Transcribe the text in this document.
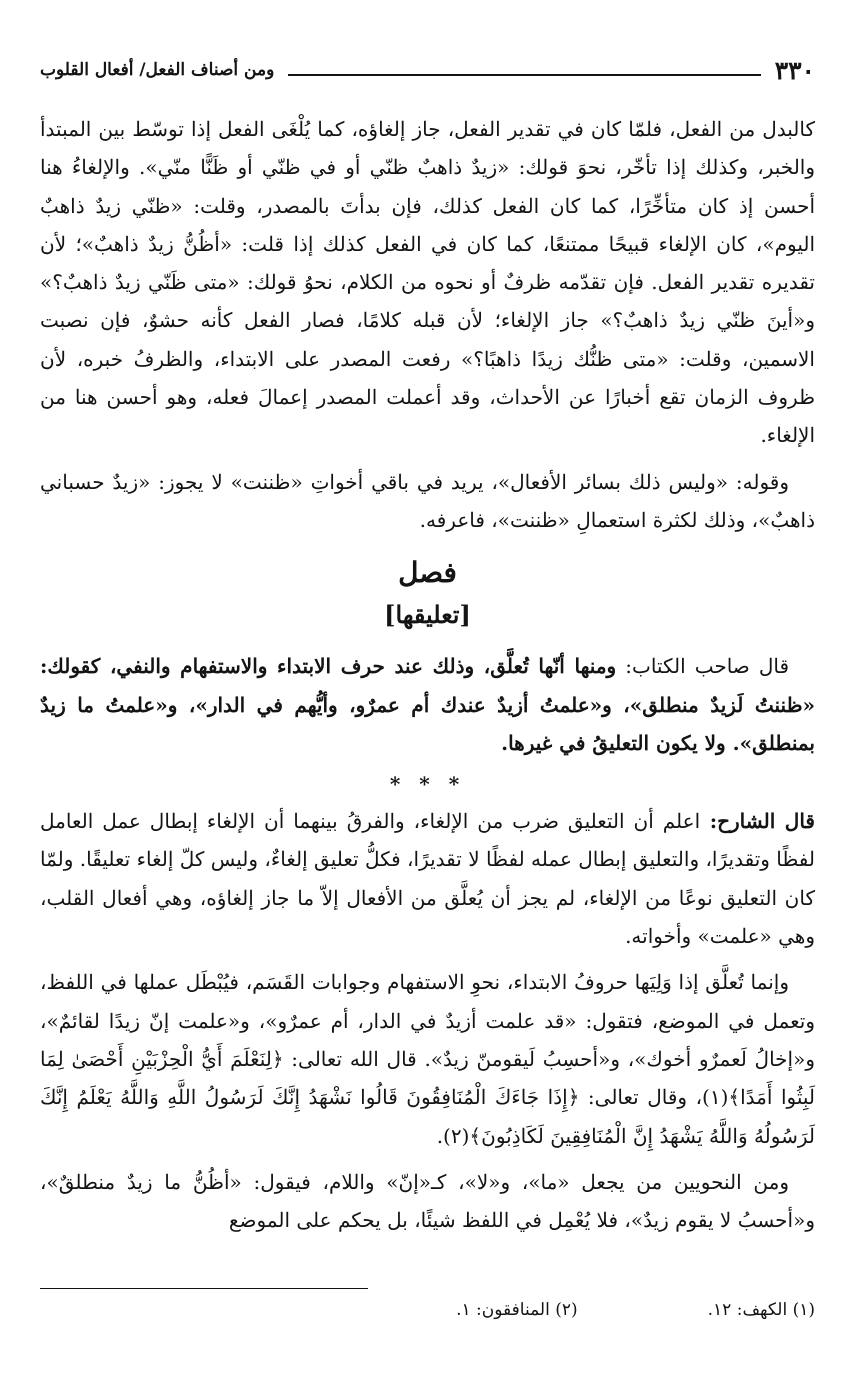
٣٣٠
ومن أصناف الفعل/ أفعال القلوب

كالبدل من الفعل، فلمّا كان في تقدير الفعل، جاز إلغاؤه، كما يُلْغَى الفعل إذا توسّط بين المبتدأ والخبر، وكذلك إذا تأخّر، نحوَ قولك: «زيدٌ ذاهبٌ ظنّي أو في ظنّي أو ظَنًّا منّي». والإلغاءُ هنا أحسن إذ كان متأخِّرًا، كما كان الفعل كذلك، فإن بدأتَ بالمصدر، وقلت: «ظنّي زيدٌ ذاهبٌ اليوم»، كان الإلغاء قبيحًا ممتنعًا، كما كان في الفعل كذلك إذا قلت: «أظُنُّ زيدٌ ذاهبٌ»؛ لأن تقديره تقدير الفعل. فإن تقدّمه ظرفٌ أو نحوه من الكلام، نحوُ قولك: «متى ظَنّي زيدٌ ذاهبٌ؟» و«أينَ ظنّي زيدٌ ذاهبٌ؟» جاز الإلغاء؛ لأن قبله كلامًا، فصار الفعل كأنه حشوٌ، فإن نصبت الاسمين، وقلت: «متى ظنُّك زيدًا ذاهبًا؟» رفعت المصدر على الابتداء، والظرفُ خبره، لأن ظروف الزمان تقع أخبارًا عن الأحداث، وقد أعملت المصدر إعمالَ فعله، وهو أحسن هنا من الإلغاء.

وقوله: «وليس ذلك بسائر الأفعال»، يريد في باقي أخواتِ «ظننت» لا يجوز: «زيدٌ حسباني ذاهبٌ»، وذلك لكثرة استعمالِ «ظننت»، فاعرفه.

فصل
[تعليقها]

قال صاحب الكتاب: ومنها أنّها تُعلَّق، وذلك عند حرف الابتداء والاستفهام والنفي، كقولك: «ظننتُ لَزيدٌ منطلق»، و«علمتُ أزيدٌ عندك أم عمرٌو، وأيُّهم في الدار»، و«علمتُ ما زيدٌ بمنطلق». ولا يكون التعليقُ في غيرها.

* * *

قال الشارح: اعلم أن التعليق ضرب من الإلغاء، والفرقُ بينهما أن الإلغاء إبطال عمل العامل لفظًا وتقديرًا، والتعليق إبطال عمله لفظًا لا تقديرًا، فكلُّ تعليق إلغاءٌ، وليس كلّ إلغاء تعليقًا. ولمّا كان التعليق نوعًا من الإلغاء، لم يجز أن يُعلَّق من الأفعال إلاّ ما جاز إلغاؤه، وهي أفعال القلب، وهي «علمت» وأخواته.

وإنما تُعلَّق إذا وَلِيَها حروفُ الابتداء، نحوِ الاستفهام وجوابات القَسَم، فيُبْطَل عملها في اللفظ، وتعمل في الموضع، فتقول: «قد علمت أزيدٌ في الدار، أم عمرٌو»، و«علمت إنّ زيدًا لقائمٌ»، و«إخالُ لَعمرٌو أخوك»، و«أحسِبُ لَيقومنّ زيدٌ». قال الله تعالى: ﴿لِنَعْلَمَ أَيُّ الْحِزْبَيْنِ أَحْصَىٰ لِمَا لَبِثُوا أَمَدًا﴾(١)، وقال تعالى: ﴿إِذَا جَاءَكَ الْمُنَافِقُونَ قَالُوا نَشْهَدُ إِنَّكَ لَرَسُولُ اللَّهِ وَاللَّهُ يَعْلَمُ إِنَّكَ لَرَسُولُهُ وَاللَّهُ يَشْهَدُ إِنَّ الْمُنَافِقِينَ لَكَاذِبُونَ﴾(٢).

ومن النحويين من يجعل «ما»، و«لا»، كـ«إنّ» واللام، فيقول: «أظُنُّ ما زيدٌ منطلقٌ»، و«أحسبُ لا يقوم زيدٌ»، فلا يُعْمِل في اللفظ شيئًا، بل يحكم على الموضع

(١) الكهف: ١٢.
(٢) المنافقون: ١.
